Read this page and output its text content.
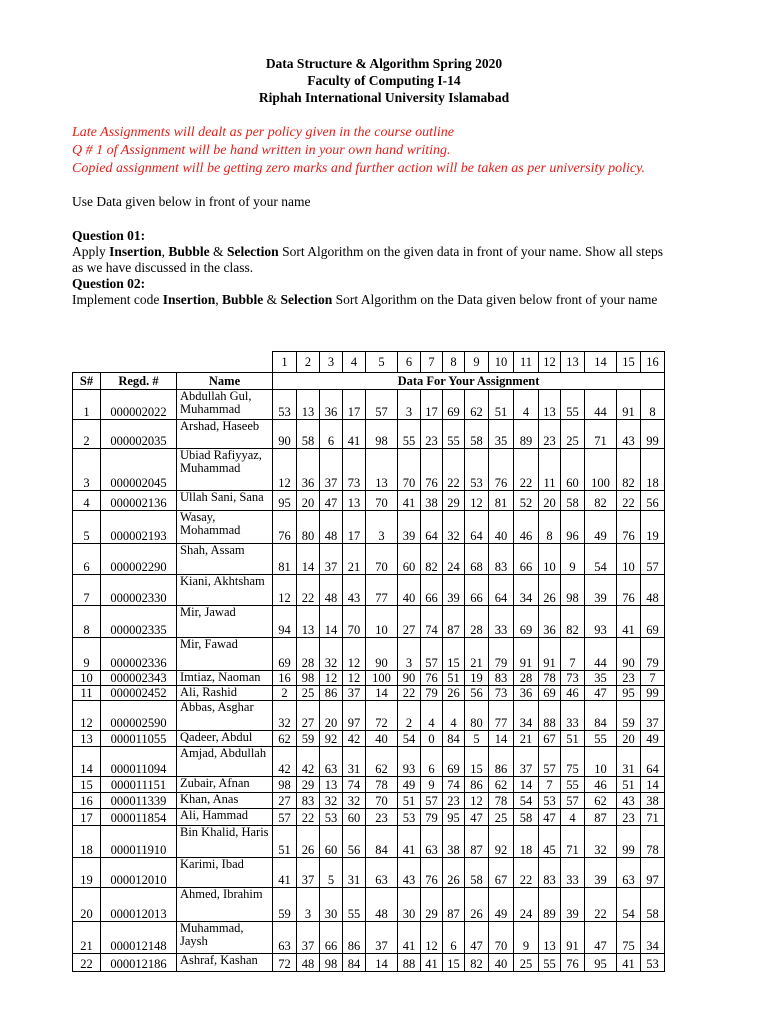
Data Structure & Algorithm Spring 2020
Faculty of Computing I-14
Riphah International University Islamabad
Late Assignments will dealt as per policy given in the course outline
Q # 1 of Assignment will be hand written in your own hand writing.
Copied assignment will be getting zero marks and further action will be taken as per university policy.
Use Data given below in front of your name
Question 01:
Apply Insertion, Bubble & Selection Sort Algorithm on the given data in front of your name. Show all steps
as we have discussed in the class.
Question 02:
Implement code Insertion, Bubble & Selection Sort Algorithm on the Data given below front of your name
			1	2	3	4	5	6	7	8	9	10	11	12	13	14	15	16
S#	Regd. #	Name	Data For Your Assignment															
1	000002022	Abdullah Gul, Muhammad	53	13	36	17	57	3	17	69	62	51	4	13	55	44	91	8
2	000002035	Arshad, Haseeb	90	58	6	41	98	55	23	55	58	35	89	23	25	71	43	99
3	000002045	Ubiad Rafiyyaz, Muhammad	12	36	37	73	13	70	76	22	53	76	22	11	60	100	82	18
4	000002136	Ullah Sani, Sana	95	20	47	13	70	41	38	29	12	81	52	20	58	82	22	56
5	000002193	Wasay, Mohammad	76	80	48	17	3	39	64	32	64	40	46	8	96	49	76	19
6	000002290	Shah, Assam	81	14	37	21	70	60	82	24	68	83	66	10	9	54	10	57
7	000002330	Kiani, Akhtsham	12	22	48	43	77	40	66	39	66	64	34	26	98	39	76	48
8	000002335	Mir, Jawad	94	13	14	70	10	27	74	87	28	33	69	36	82	93	41	69
9	000002336	Mir, Fawad	69	28	32	12	90	3	57	15	21	79	91	91	7	44	90	79
10	000002343	Imtiaz, Naoman	16	98	12	12	100	90	76	51	19	83	28	78	73	35	23	7
11	000002452	Ali, Rashid	2	25	86	37	14	22	79	26	56	73	36	69	46	47	95	99
12	000002590	Abbas, Asghar	32	27	20	97	72	2	4	4	80	77	34	88	33	84	59	37
13	000011055	Qadeer, Abdul	62	59	92	42	40	54	0	84	5	14	21	67	51	55	20	49
14	000011094	Amjad, Abdullah	42	42	63	31	62	93	6	69	15	86	37	57	75	10	31	64
15	000011151	Zubair, Afnan	98	29	13	74	78	49	9	74	86	62	14	7	55	46	51	14
16	000011339	Khan, Anas	27	83	32	32	70	51	57	23	12	78	54	53	57	62	43	38
17	000011854	Ali, Hammad	57	22	53	60	23	53	79	95	47	25	58	47	4	87	23	71
18	000011910	Bin Khalid, Haris	51	26	60	56	84	41	63	38	87	92	18	45	71	32	99	78
19	000012010	Karimi, Ibad	41	37	5	31	63	43	76	26	58	67	22	83	33	39	63	97
20	000012013	Ahmed, Ibrahim	59	3	30	55	48	30	29	87	26	49	24	89	39	22	54	58
21	000012148	Muhammad, Jaysh	63	37	66	86	37	41	12	6	47	70	9	13	91	47	75	34
22	000012186	Ashraf, Kashan	72	48	98	84	14	88	41	15	82	40	25	55	76	95	41	53
